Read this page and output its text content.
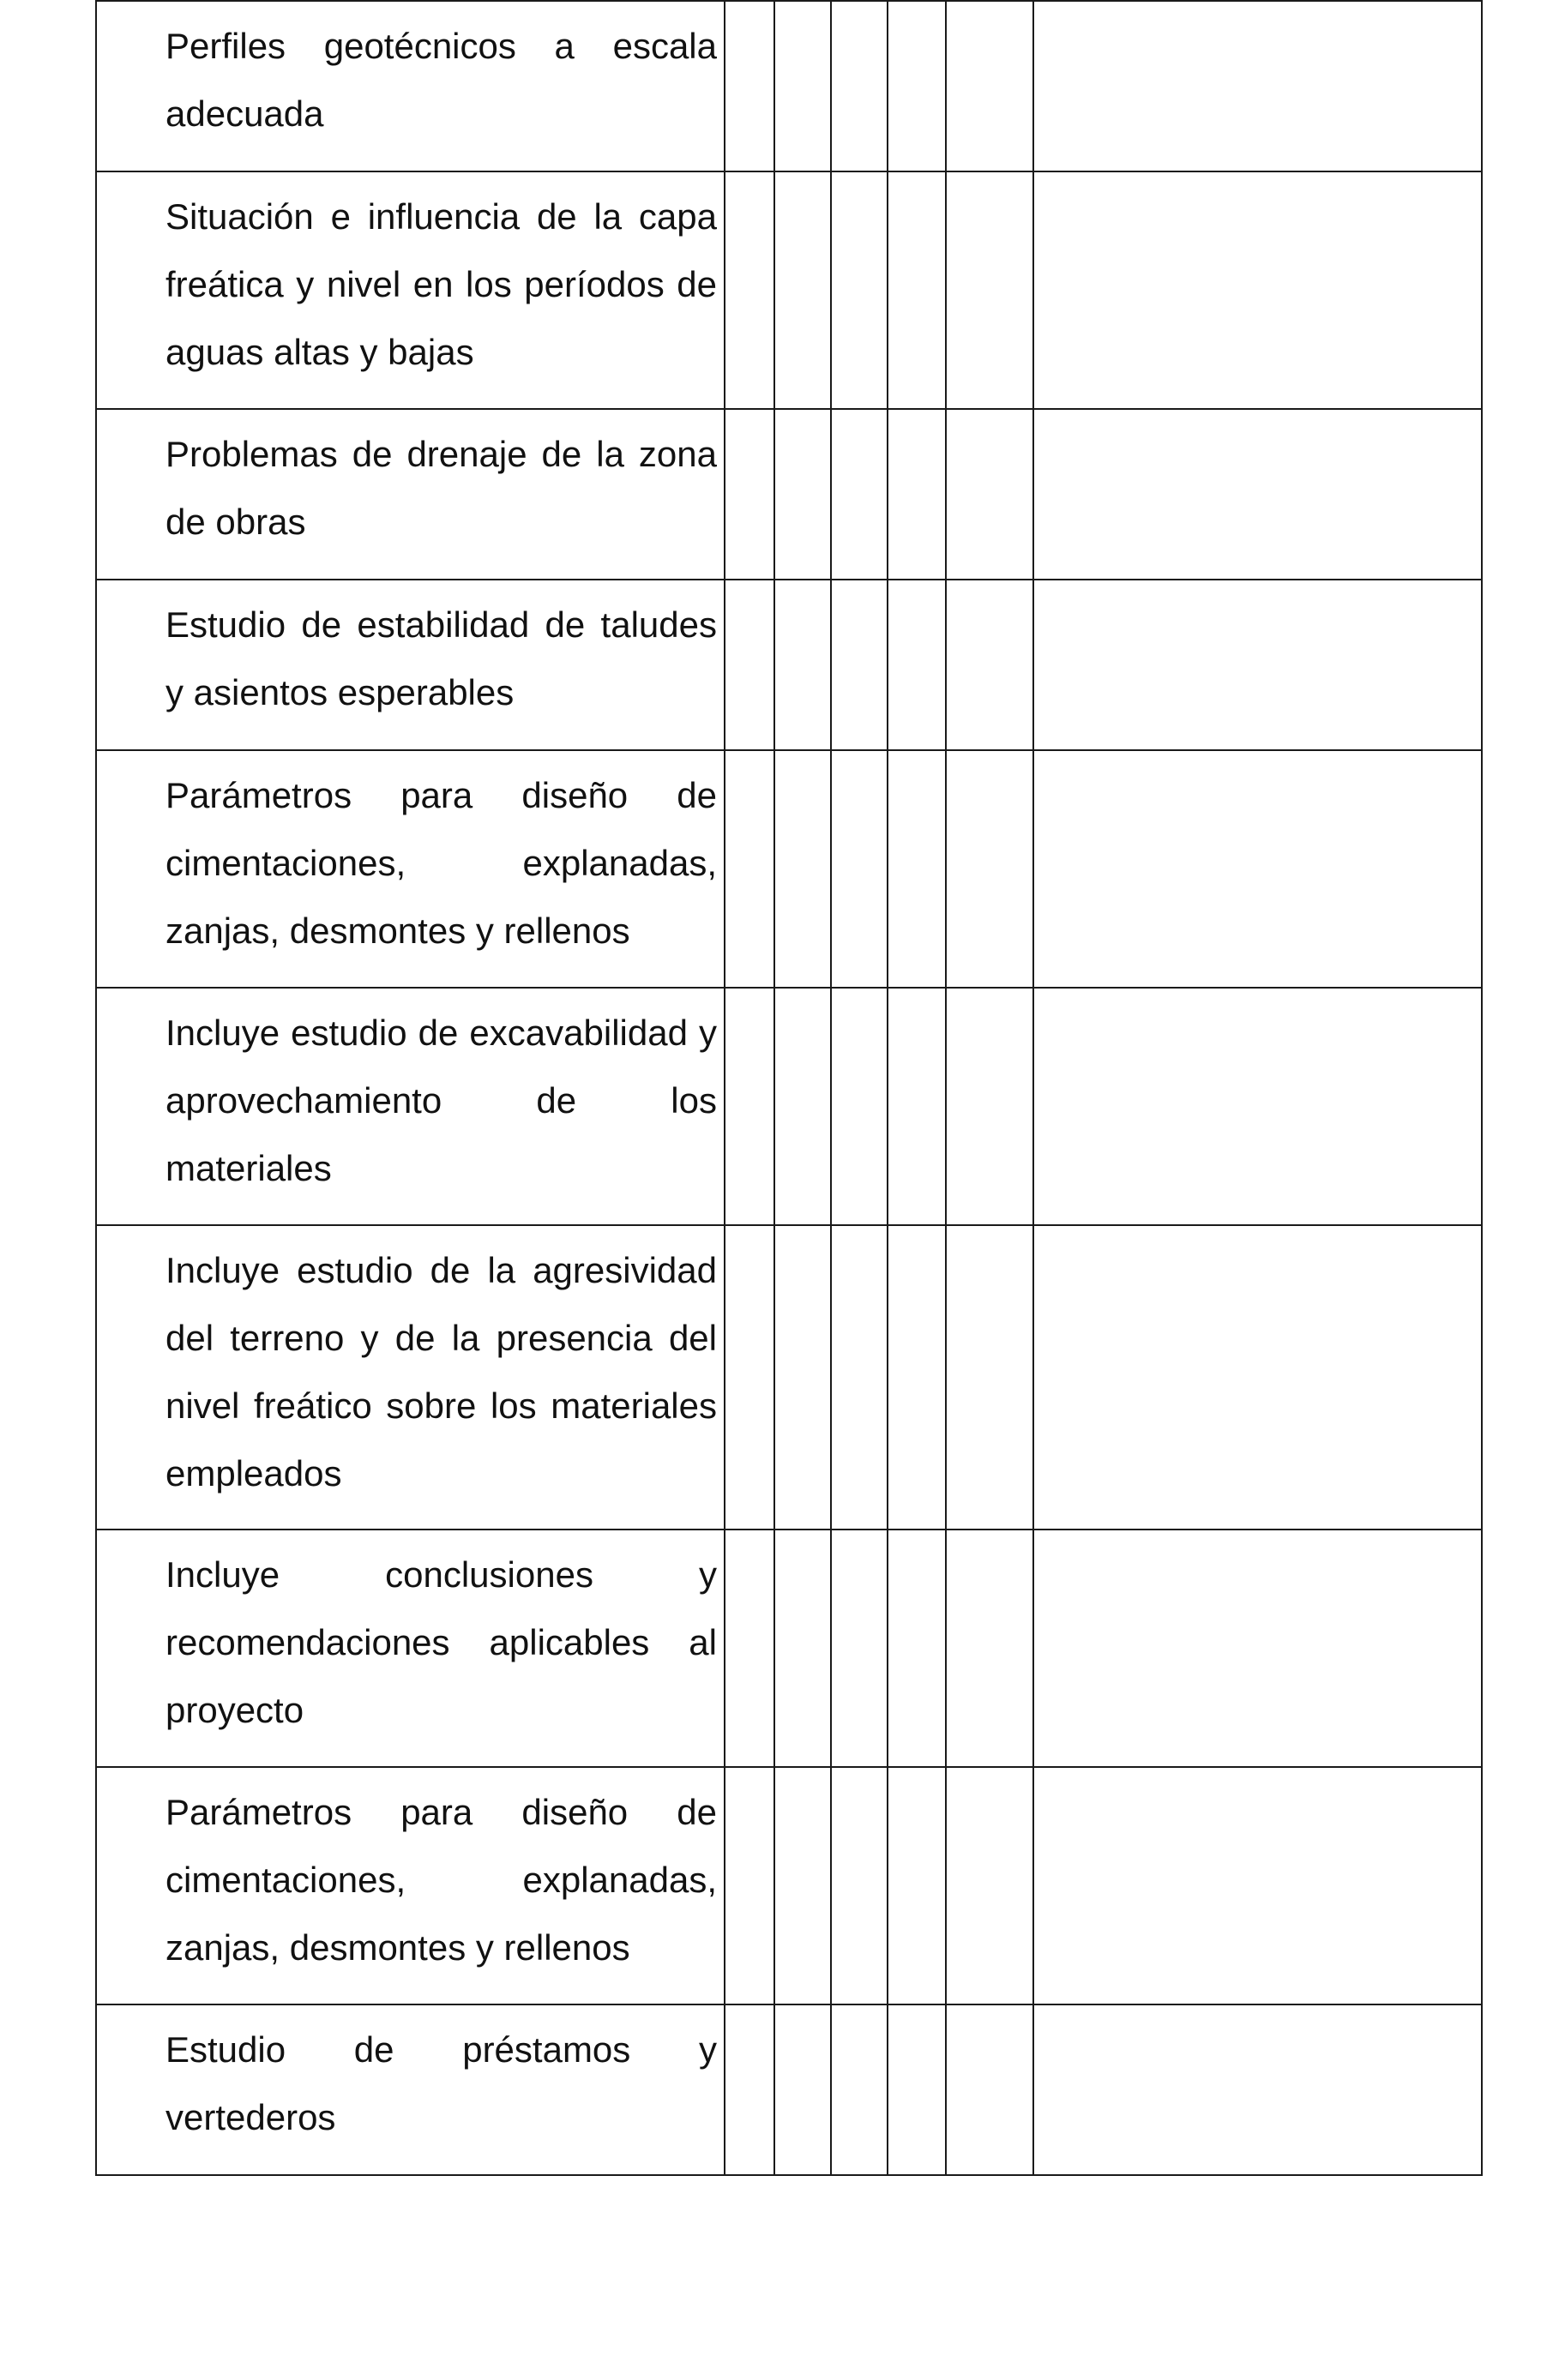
Perfiles geotécnicos a escala adecuada						

Situación e influencia de la capa freática y nivel en los períodos de aguas altas y bajas						

Problemas de drenaje de la zona de obras						

Estudio de estabilidad de taludes y asientos esperables						

Parámetros para diseño de cimentaciones, explanadas, zanjas, desmontes y rellenos						

Incluye estudio de excavabilidad y aprovechamiento de los materiales						

Incluye estudio de la agresividad del terreno y de la presencia del nivel freático sobre los materiales empleados						

Incluye conclusiones y recomendaciones aplicables al proyecto						

Parámetros para diseño de cimentaciones, explanadas, zanjas, desmontes y rellenos						

Estudio de préstamos y vertederos						
